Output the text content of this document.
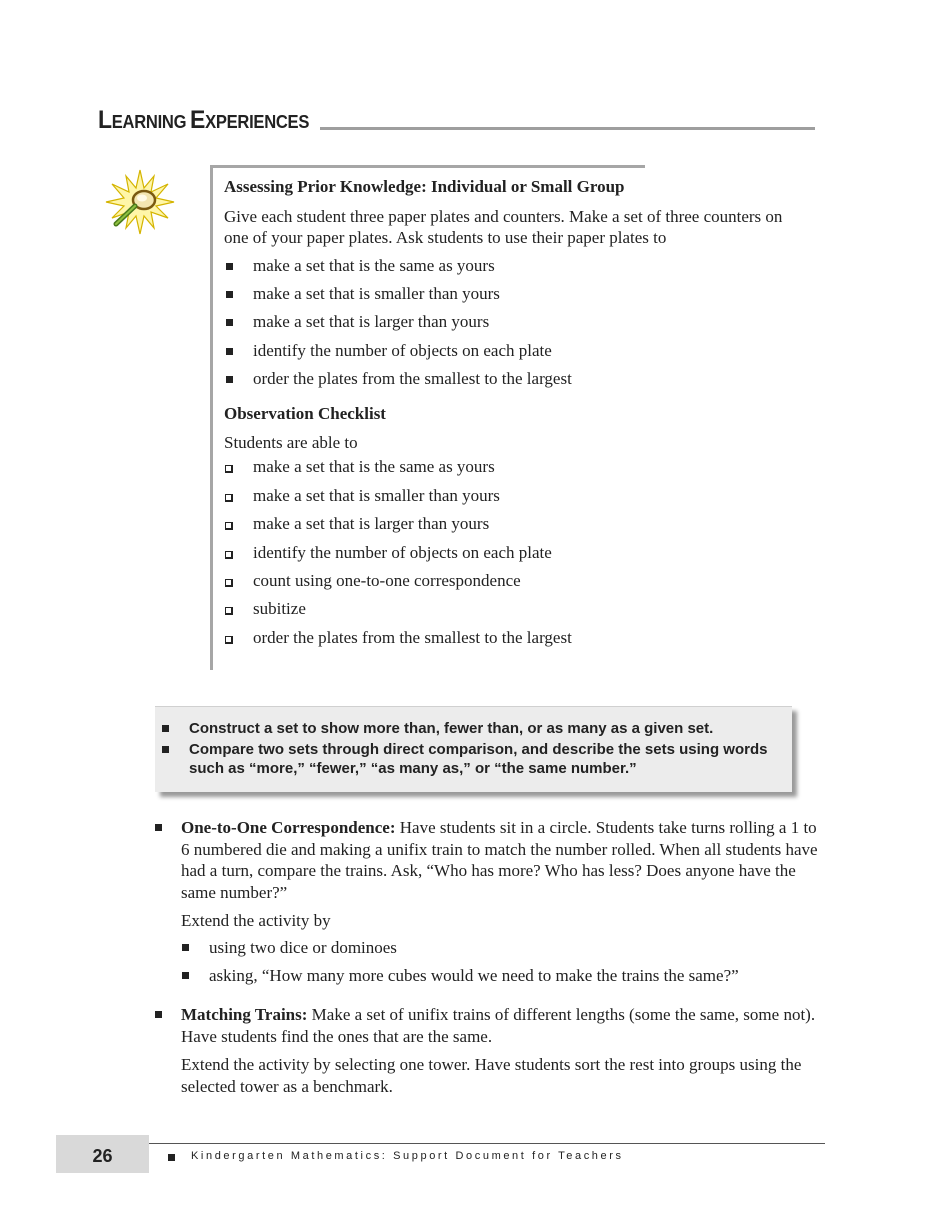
LEARNING EXPERIENCES

Assessing Prior Knowledge: Individual or Small Group

Give each student three paper plates and counters. Make a set of three counters on one of your paper plates. Ask students to use their paper plates to

make a set that is the same as yours
make a set that is smaller than yours
make a set that is larger than yours
identify the number of objects on each plate
order the plates from the smallest to the largest

Observation Checklist

Students are able to

make a set that is the same as yours
make a set that is smaller than yours
make a set that is larger than yours
identify the number of objects on each plate
count using one-to-one correspondence
subitize
order the plates from the smallest to the largest
Construct a set to show more than, fewer than, or as many as a given set.
Compare two sets through direct comparison, and describe the sets using words such as “more,” “fewer,” “as many as,” or “the same number.”

One-to-One Correspondence: Have students sit in a circle. Students take turns rolling a 1 to 6 numbered die and making a unifix train to match the number rolled. When all students have had a turn, compare the trains. Ask, “Who has more? Who has less? Does anyone have the same number?”

Extend the activity by

using two dice or dominoes
asking, “How many more cubes would we need to make the trains the same?”

Matching Trains: Make a set of unifix trains of different lengths (some the same, some not). Have students find the ones that are the same.

Extend the activity by selecting one tower. Have students sort the rest into groups using the selected tower as a benchmark.

26	Kindergarten Mathematics: Support Document for Teachers
